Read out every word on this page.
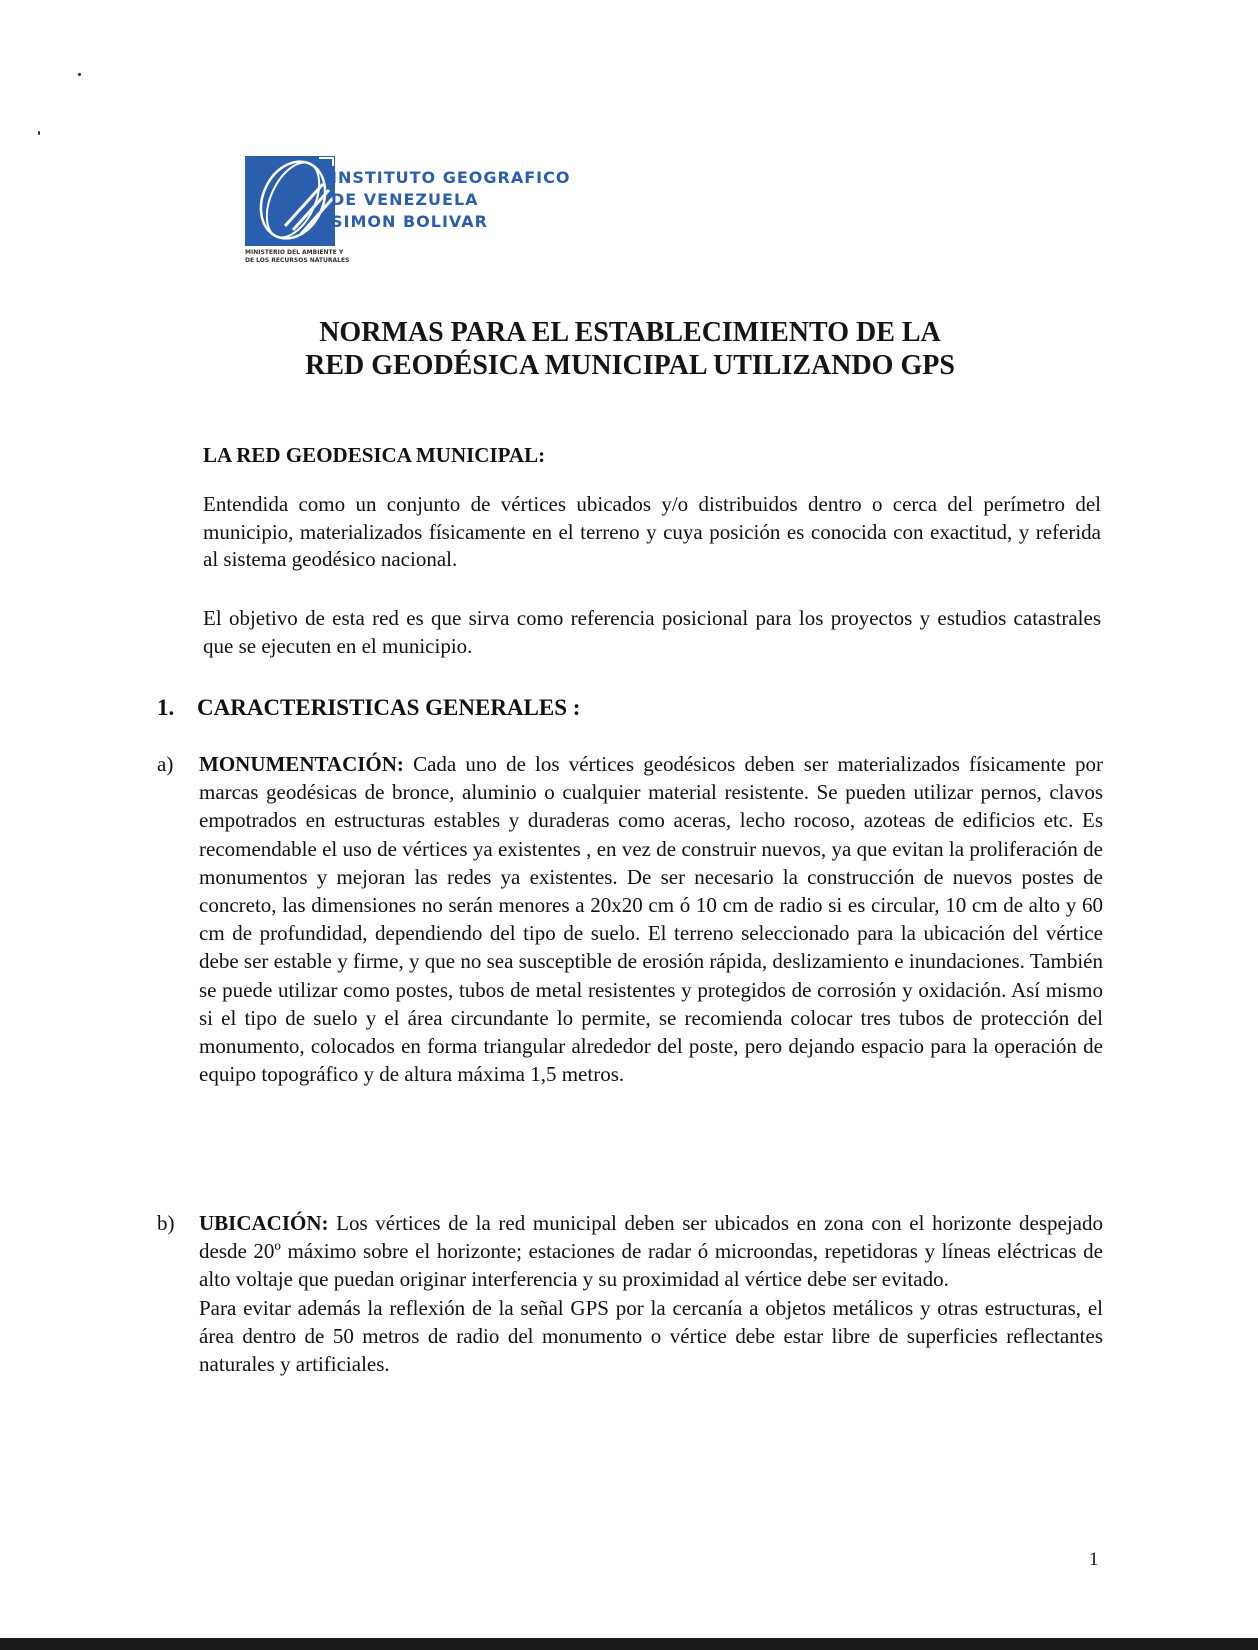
INSTITUTO GEOGRAFICO
DE VENEZUELA
SIMON BOLIVAR
MINISTERIO DEL AMBIENTE Y
DE LOS RECURSOS NATURALES
NORMAS PARA EL ESTABLECIMIENTO DE LA
RED GEODÉSICA MUNICIPAL UTILIZANDO GPS
LA RED GEODESICA MUNICIPAL:
Entendida como un conjunto de vértices ubicados y/o distribuidos dentro o cerca del perímetro del municipio, materializados físicamente en el terreno y cuya posición es conocida con exactitud, y referida al sistema geodésico nacional.
El objetivo de esta red es que sirva como referencia posicional para los proyectos y estudios catastrales que se ejecuten en el municipio.
1. CARACTERISTICAS GENERALES :
a) MONUMENTACIÓN: Cada uno de los vértices geodésicos deben ser materializados físicamente por marcas geodésicas de bronce, aluminio o cualquier material resistente. Se pueden utilizar pernos, clavos empotrados en estructuras estables y duraderas como aceras, lecho rocoso, azoteas de edificios etc. Es recomendable el uso de vértices ya existentes , en vez de construir nuevos, ya que evitan la proliferación de monumentos y mejoran las redes ya existentes. De ser necesario la construcción de nuevos postes de concreto, las dimensiones no serán menores a 20x20 cm ó 10 cm de radio si es circular, 10 cm de alto y 60 cm de profundidad, dependiendo del tipo de suelo. El terreno seleccionado para la ubicación del vértice debe ser estable y firme, y que no sea susceptible de erosión rápida, deslizamiento e inundaciones. También se puede utilizar como postes, tubos de metal resistentes y protegidos de corrosión y oxidación. Así mismo si el tipo de suelo y el área circundante lo permite, se recomienda colocar tres tubos de protección del monumento, colocados en forma triangular alrededor del poste, pero dejando espacio para la operación de equipo topográfico y de altura máxima 1,5 metros.
b) UBICACIÓN: Los vértices de la red municipal deben ser ubicados en zona con el horizonte despejado desde 20º máximo sobre el horizonte; estaciones de radar ó microondas, repetidoras y líneas eléctricas de alto voltaje que puedan originar interferencia y su proximidad al vértice debe ser evitado.

Para evitar además la reflexión de la señal GPS por la cercanía a objetos metálicos y otras estructuras, el área dentro de 50 metros de radio del monumento o vértice debe estar libre de superficies reflectantes naturales y artificiales.

1
